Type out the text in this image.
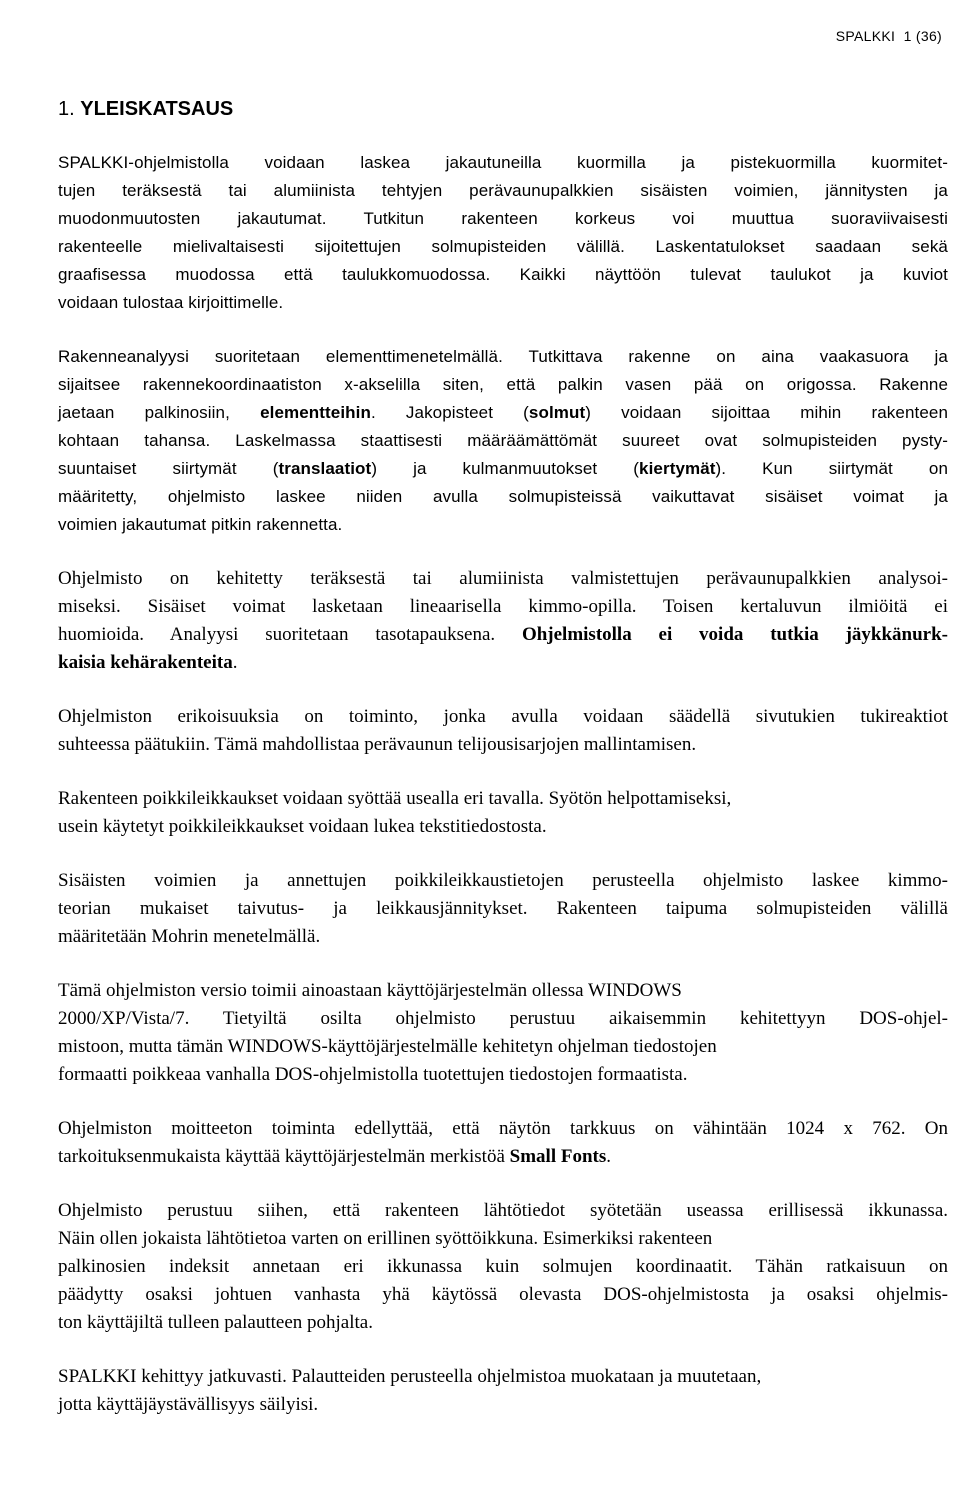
SPALKKI 1 (36)
1. YLEISKATSAUS

SPALKKI-ohjelmistolla voidaan laskea jakautuneilla kuormilla ja pistekuormilla kuormitet-
tujen teräksestä tai alumiinista tehtyjen perävaunupalkkien sisäisten voimien, jännitysten ja
muodonmuutosten jakautumat. Tutkitun rakenteen korkeus voi muuttua suoraviivaisesti
rakenteelle mielivaltaisesti sijoitettujen solmupisteiden välillä. Laskentatulokset saadaan sekä
graafisessa muodossa että taulukkomuodossa. Kaikki näyttöön tulevat taulukot ja kuviot
voidaan tulostaa kirjoittimelle.

Rakenneanalyysi suoritetaan elementtimenetelmällä. Tutkittava rakenne on aina vaakasuora ja
sijaitsee rakennekoordinaatiston x-akselilla siten, että palkin vasen pää on origossa. Rakenne
jaetaan palkinosiin, elementteihin. Jakopisteet (solmut) voidaan sijoittaa mihin rakenteen
kohtaan tahansa. Laskelmassa staattisesti määräämättömät suureet ovat solmupisteiden pysty-
suuntaiset siirtymät (translaatiot) ja kulmanmuutokset (kiertymät). Kun siirtymät on
määritetty, ohjelmisto laskee niiden avulla solmupisteissä vaikuttavat sisäiset voimat ja
voimien jakautumat pitkin rakennetta.

Ohjelmisto on kehitetty teräksestä tai alumiinista valmistettujen perävaunupalkkien analysoi-
miseksi. Sisäiset voimat lasketaan lineaarisella kimmo-opilla. Toisen kertaluvun ilmiöitä ei
huomioida. Analyysi suoritetaan tasotapauksena. Ohjelmistolla ei voida tutkia jäykkänurk-
kaisia kehärakenteita.

Ohjelmiston erikoisuuksia on toiminto, jonka avulla voidaan säädellä sivutukien tukireaktiot
suhteessa päätukiin. Tämä mahdollistaa perävaunun telijousisarjojen mallintamisen.

Rakenteen poikkileikkaukset voidaan syöttää usealla eri tavalla. Syötön helpottamiseksi,
usein käytetyt poikkileikkaukset voidaan lukea tekstitiedostosta.

Sisäisten voimien ja annettujen poikkileikkaustietojen perusteella ohjelmisto laskee kimmo-
teorian mukaiset taivutus- ja leikkausjännitykset. Rakenteen taipuma solmupisteiden välillä
määritetään Mohrin menetelmällä.

Tämä ohjelmiston versio toimii ainoastaan käyttöjärjestelmän ollessa WINDOWS
2000/XP/Vista/7. Tietyiltä osilta ohjelmisto perustuu aikaisemmin kehitettyyn DOS-ohjel-
mistoon, mutta tämän WINDOWS-käyttöjärjestelmälle kehitetyn ohjelman tiedostojen
formaatti poikkeaa vanhalla DOS-ohjelmistolla tuotettujen tiedostojen formaatista.

Ohjelmiston moitteeton toiminta edellyttää, että näytön tarkkuus on vähintään 1024 x 762. On
tarkoituksenmukaista käyttää käyttöjärjestelmän merkistöä Small Fonts.

Ohjelmisto perustuu siihen, että rakenteen lähtötiedot syötetään useassa erillisessä ikkunassa.
Näin ollen jokaista lähtötietoa varten on erillinen syöttöikkuna. Esimerkiksi rakenteen
palkinosien indeksit annetaan eri ikkunassa kuin solmujen koordinaatit. Tähän ratkaisuun on
päädytty osaksi johtuen vanhasta yhä käytössä olevasta DOS-ohjelmistosta ja osaksi ohjelmis-
ton käyttäjiltä tulleen palautteen pohjalta.

SPALKKI kehittyy jatkuvasti. Palautteiden perusteella ohjelmistoa muokataan ja muutetaan,
jotta käyttäjäystävällisyys säilyisi.
